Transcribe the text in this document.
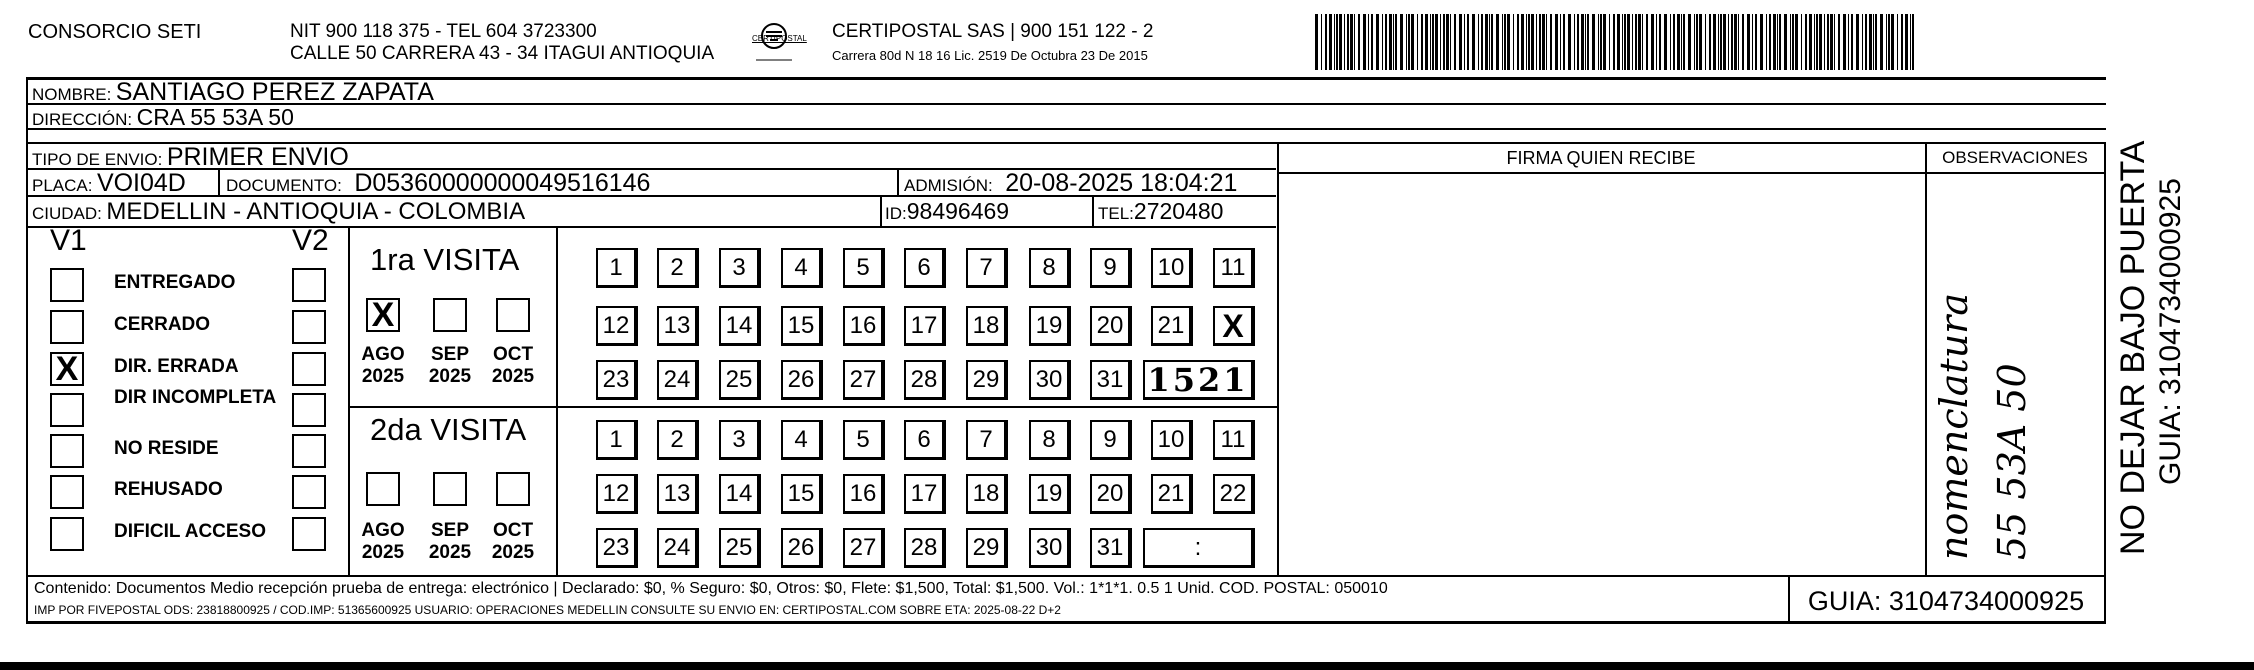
CONSORCIO SETI	NIT 900 118 375 - TEL 604 3723300
CALLE 50 CARRERA 43 - 34 ITAGUI ANTIOQUIA
CERTIPOSTAL CERTIPOSTAL SAS | 900 151 122 - 2
Carrera 80d N 18 16 Lic. 2519 De Octubra 23 De 2015
NOMBRE: SANTIAGO PEREZ ZAPATA
DIRECCIÓN: CRA 55 53A 50
TIPO DE ENVIO: PRIMER ENVIO
PLACA: VOI04D DOCUMENTO: D05360000000049516146	ADMISIÓN: 20-08-2025 18:04:21
CIUDAD: MEDELLIN - ANTIOQUIA - COLOMBIA	ID:98496469	TEL:2720480
FIRMA QUIEN RECIBE	OBSERVACIONES
V1	V2
ENTREGADO
CERRADO
X DIR. ERRADA
DIR INCOMPLETA
NO RESIDE
REHUSADO
DIFICIL ACCESO
1ra VISITA
X
AGO
2025
SEP
2025
OCT
2025
1	2	3	4	5	6	7	8	9	10	11
12	13	14	15	16	17	18	19	20	21 X
23	24	25	26	27	28	29	30	31 1521
2da VISITA
AGO
2025
SEP
2025
OCT
2025
1	2	3	4	5	6	7	8	9	10	11
12	13	14	15	16	17	18	19	20	21	22
23	24	25	26	27	28	29	30	31	:	nomenclatura 55 53A 50 NO DEJAR BAJO PUERTA GUIA: 3104734000925
Contenido: Documentos Medio recepción prueba de entrega: electrónico | Declarado: $0, % Seguro: $0, Otros: $0, Flete: $1,500, Total: $1,500. Vol.: 1*1*1. 0.5 1 Unid. COD. POSTAL: 050010
IMP POR FIVEPOSTAL ODS: 23818800925 / COD.IMP: 51365600925 USUARIO: OPERACIONES MEDELLIN CONSULTE SU ENVIO EN: CERTIPOSTAL.COM SOBRE ETA: 2025-08-22 D+2	GUIA: 3104734000925
